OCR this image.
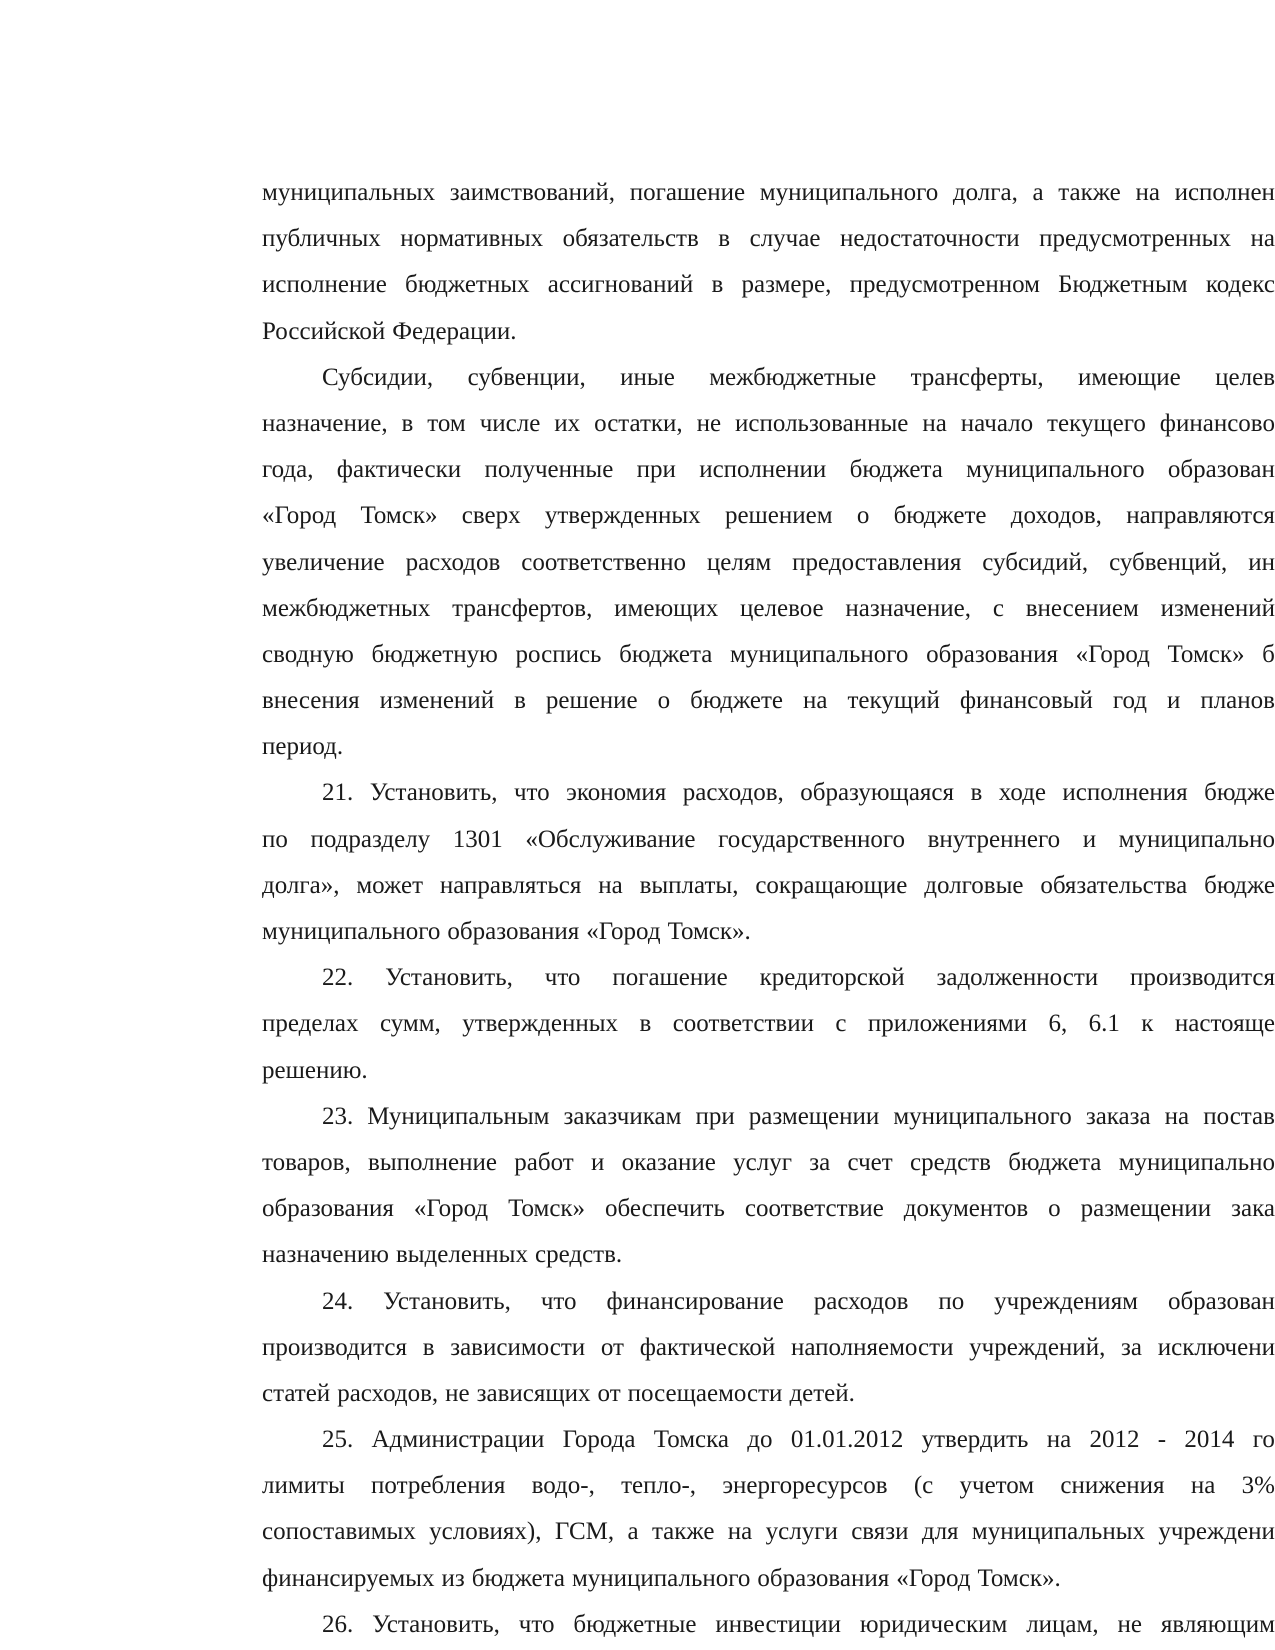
муниципальных заимствований, погашение муниципального долга, а также на исполнен
публичных нормативных обязательств в случае недостаточности предусмотренных на
исполнение бюджетных ассигнований в размере, предусмотренном Бюджетным кодекс
Российской Федерации.
Субсидии, субвенции, иные межбюджетные трансферты, имеющие целев
назначение, в том числе их остатки, не использованные на начало текущего финансово
года, фактически полученные при исполнении бюджета муниципального образован
«Город Томск» сверх утвержденных решением о бюджете доходов, направляются
увеличение расходов соответственно целям предоставления субсидий, субвенций, ин
межбюджетных трансфертов, имеющих целевое назначение, с внесением изменений
сводную бюджетную роспись бюджета муниципального образования «Город Томск» б
внесения изменений в решение о бюджете на текущий финансовый год и планов
период.
21. Установить, что экономия расходов, образующаяся в ходе исполнения бюдже
по подразделу 1301 «Обслуживание государственного внутреннего и муниципально
долга», может направляться на выплаты, сокращающие долговые обязательства бюдже
муниципального образования «Город Томск».
22. Установить, что погашение кредиторской задолженности производится
пределах сумм, утвержденных в соответствии с приложениями 6, 6.1 к настояще
решению.
23. Муниципальным заказчикам при размещении муниципального заказа на постав
товаров, выполнение работ и оказание услуг за счет средств бюджета муниципально
образования «Город Томск» обеспечить соответствие документов о размещении зака
назначению выделенных средств.
24. Установить, что финансирование расходов по учреждениям образован
производится в зависимости от фактической наполняемости учреждений, за исключени
статей расходов, не зависящих от посещаемости детей.
25. Администрации Города Томска до 01.01.2012 утвердить на 2012 - 2014 го
лимиты потребления водо-, тепло-, энергоресурсов (с учетом снижения на 3%
сопоставимых условиях), ГСМ, а также на услуги связи для муниципальных учреждени
финансируемых из бюджета муниципального образования «Город Томск».
26. Установить, что бюджетные инвестиции юридическим лицам, не являющим
